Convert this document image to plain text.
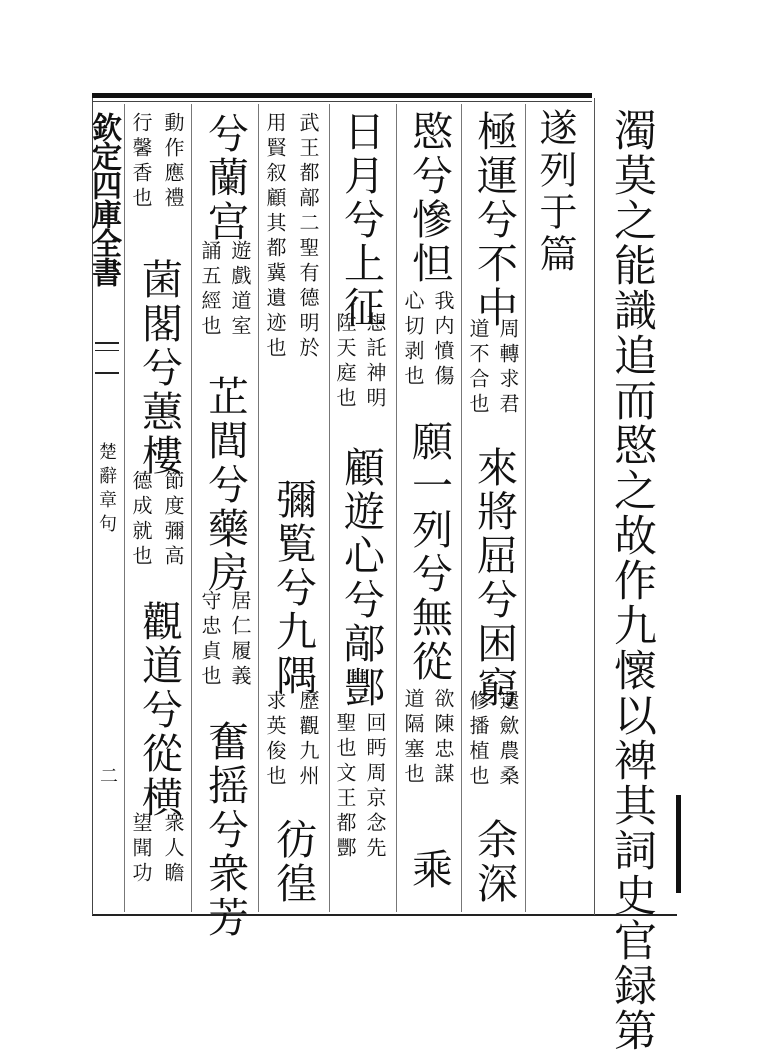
濁莫之能識追而愍之故作九懷以裨其詞史官録第
遂列于篇
極運兮不中
周轉求君
道不合也
來將屈兮困窮
還歛農桑
修播植也
余深
愍兮慘怛
我内憤傷
心切剥也
願一列兮無從
欲陳忠謀
道隔塞也
乘
日月兮上征
想託神明
陞天庭也
顧遊心兮鄗酆
回眄周京念先
聖也文王都酆
武王都鄗二聖有德明於
用賢叙顧其都冀遺迹也
彌覧兮九隅
歷觀九州
求英俊也
彷徨
兮蘭宫
遊戲道室
誦五經也
芷閭兮藥房
居仁履義
守忠貞也
奮摇兮衆芳
動作應禮
行馨香也
菌閣兮蕙樓
節度彌高
德成就也
觀道兮從横
衆人瞻
望聞功
欽定四庫全書
楚辭章句
二
